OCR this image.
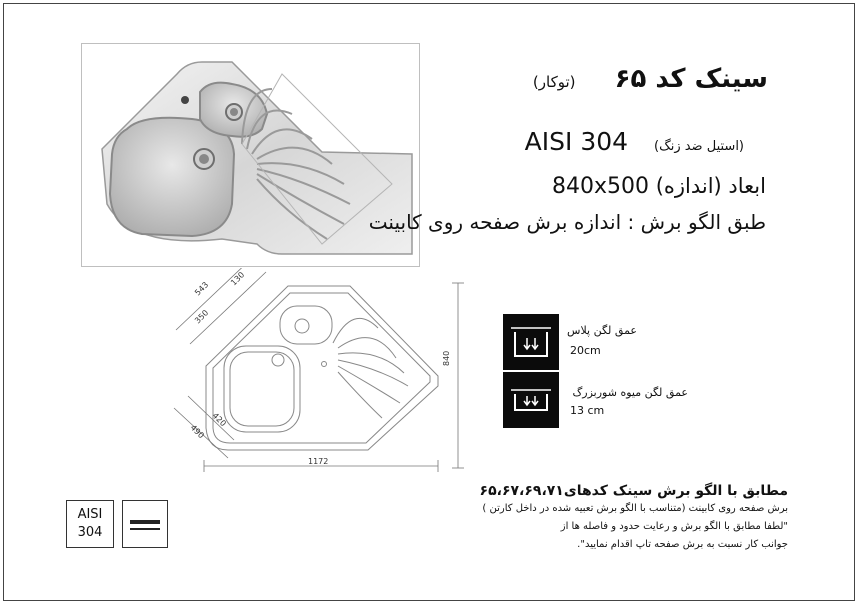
سینک کد ۶۵ (توکار)
(استیل ضد زنگ) AISI 304
ابعاد (اندازه) 840x500
طبق الگو برش : اندازه برش صفحه روی کابینت
543
130
350
840
420
490
1172
عمق لگن پلاس
20cm
عمق لگن میوه شوربزرگ
13 cm
مطابق با الگو برش سینک کدهای۶۵،۶۷،۶۹،۷۱
برش صفحه روی کابینت (متناسب با الگو برش تعبیه شده در داخل کارتن )
"لطفا مطابق با الگو برش و رعایت حدود و فاصله ها از
جوانب کار نسبت به برش صفحه تاپ اقدام نمایید".
AISI
304
